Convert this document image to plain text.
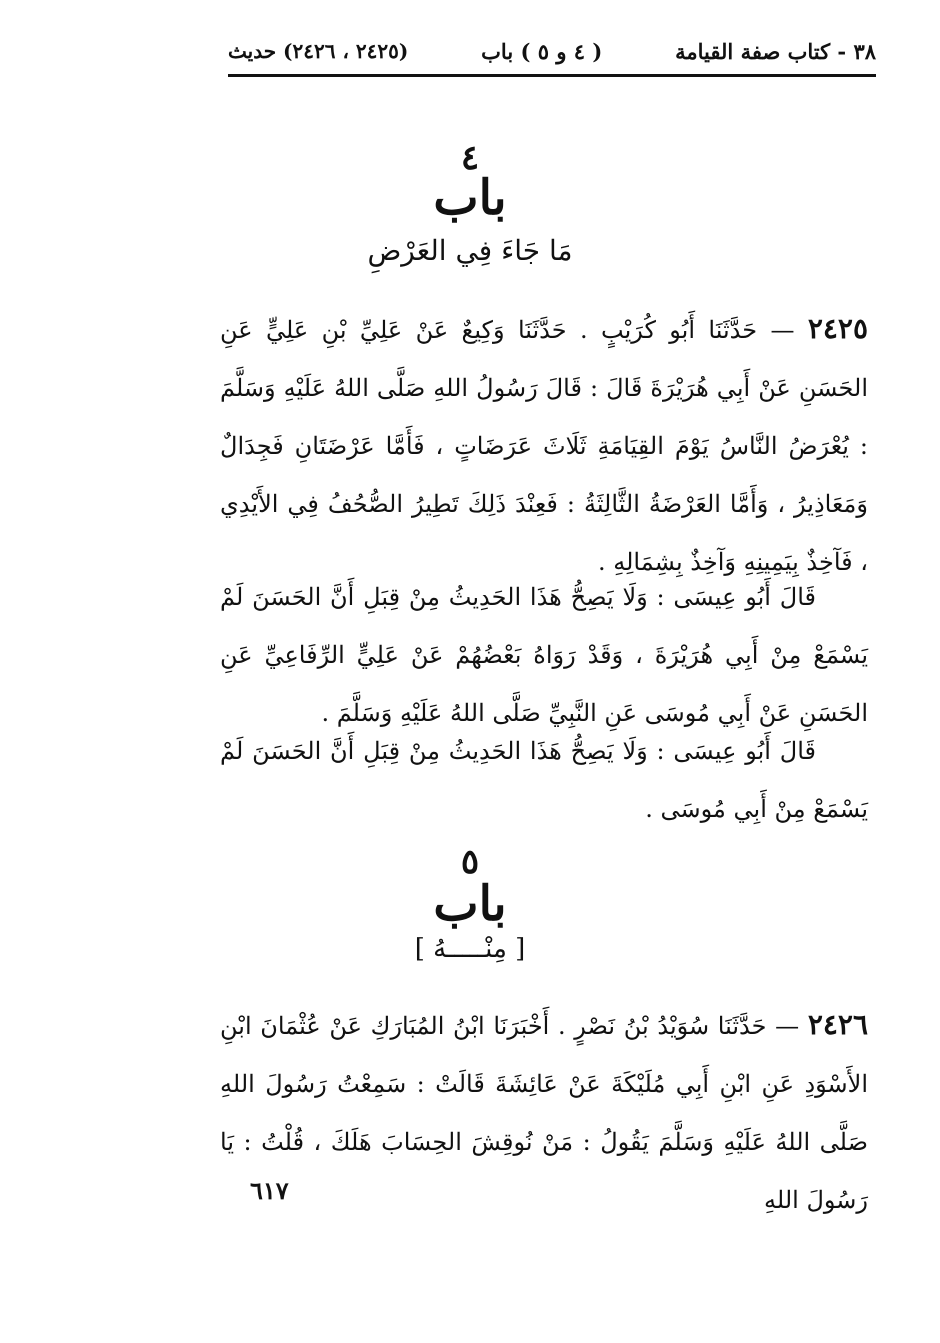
٣٨ - كتاب صفة القيامة
( ٤ و ٥ ) باب
(٢٤٢٥ ، ٢٤٢٦) حديث
٤
باب
مَا جَاءَ فِي العَرْضِ
٢٤٢٥ — حَدَّثَنَا أَبُو كُرَيْبٍ . حَدَّثَنَا وَكِيعٌ عَنْ عَلِيِّ بْنِ عَلِيٍّ عَنِ الحَسَنِ عَنْ أَبِي هُرَيْرَةَ قَالَ : قَالَ رَسُولُ اللهِ صَلَّى اللهُ عَلَيْهِ وَسَلَّمَ : يُعْرَضُ النَّاسُ يَوْمَ القِيَامَةِ ثَلَاثَ عَرَضَاتٍ ، فَأَمَّا عَرْضَتَانِ فَجِدَالٌ وَمَعَاذِيرُ ، وَأَمَّا العَرْضَةُ الثَّالِثَةُ : فَعِنْدَ ذَلِكَ تَطِيرُ الصُّحُفُ فِي الأَيْدِي ، فَآخِذٌ بِيَمِينِهِ وَآخِذٌ بِشِمَالِهِ .
قَالَ أَبُو عِيسَى : وَلَا يَصِحُّ هَذَا الحَدِيثُ مِنْ قِبَلِ أَنَّ الحَسَنَ لَمْ يَسْمَعْ مِنْ أَبِي هُرَيْرَةَ ، وَقَدْ رَوَاهُ بَعْضُهُمْ عَنْ عَلِيٍّ الرِّفَاعِيِّ عَنِ الحَسَنِ عَنْ أَبِي مُوسَى عَنِ النَّبِيِّ صَلَّى اللهُ عَلَيْهِ وَسَلَّمَ .
قَالَ أَبُو عِيسَى : وَلَا يَصِحُّ هَذَا الحَدِيثُ مِنْ قِبَلِ أَنَّ الحَسَنَ لَمْ يَسْمَعْ مِنْ أَبِي مُوسَى .
٥
باب
[ مِنْـــــهُ ]
٢٤٢٦ — حَدَّثَنَا سُوَيْدُ بْنُ نَصْرٍ . أَخْبَرَنَا ابْنُ المُبَارَكِ عَنْ عُثْمَانَ ابْنِ الأَسْوَدِ عَنِ ابْنِ أَبِي مُلَيْكَةَ عَنْ عَائِشَةَ قَالَتْ : سَمِعْتُ رَسُولَ اللهِ صَلَّى اللهُ عَلَيْهِ وَسَلَّمَ يَقُولُ : مَنْ نُوقِشَ الحِسَابَ هَلَكَ ، قُلْتُ : يَا رَسُولَ اللهِ
٦١٧
